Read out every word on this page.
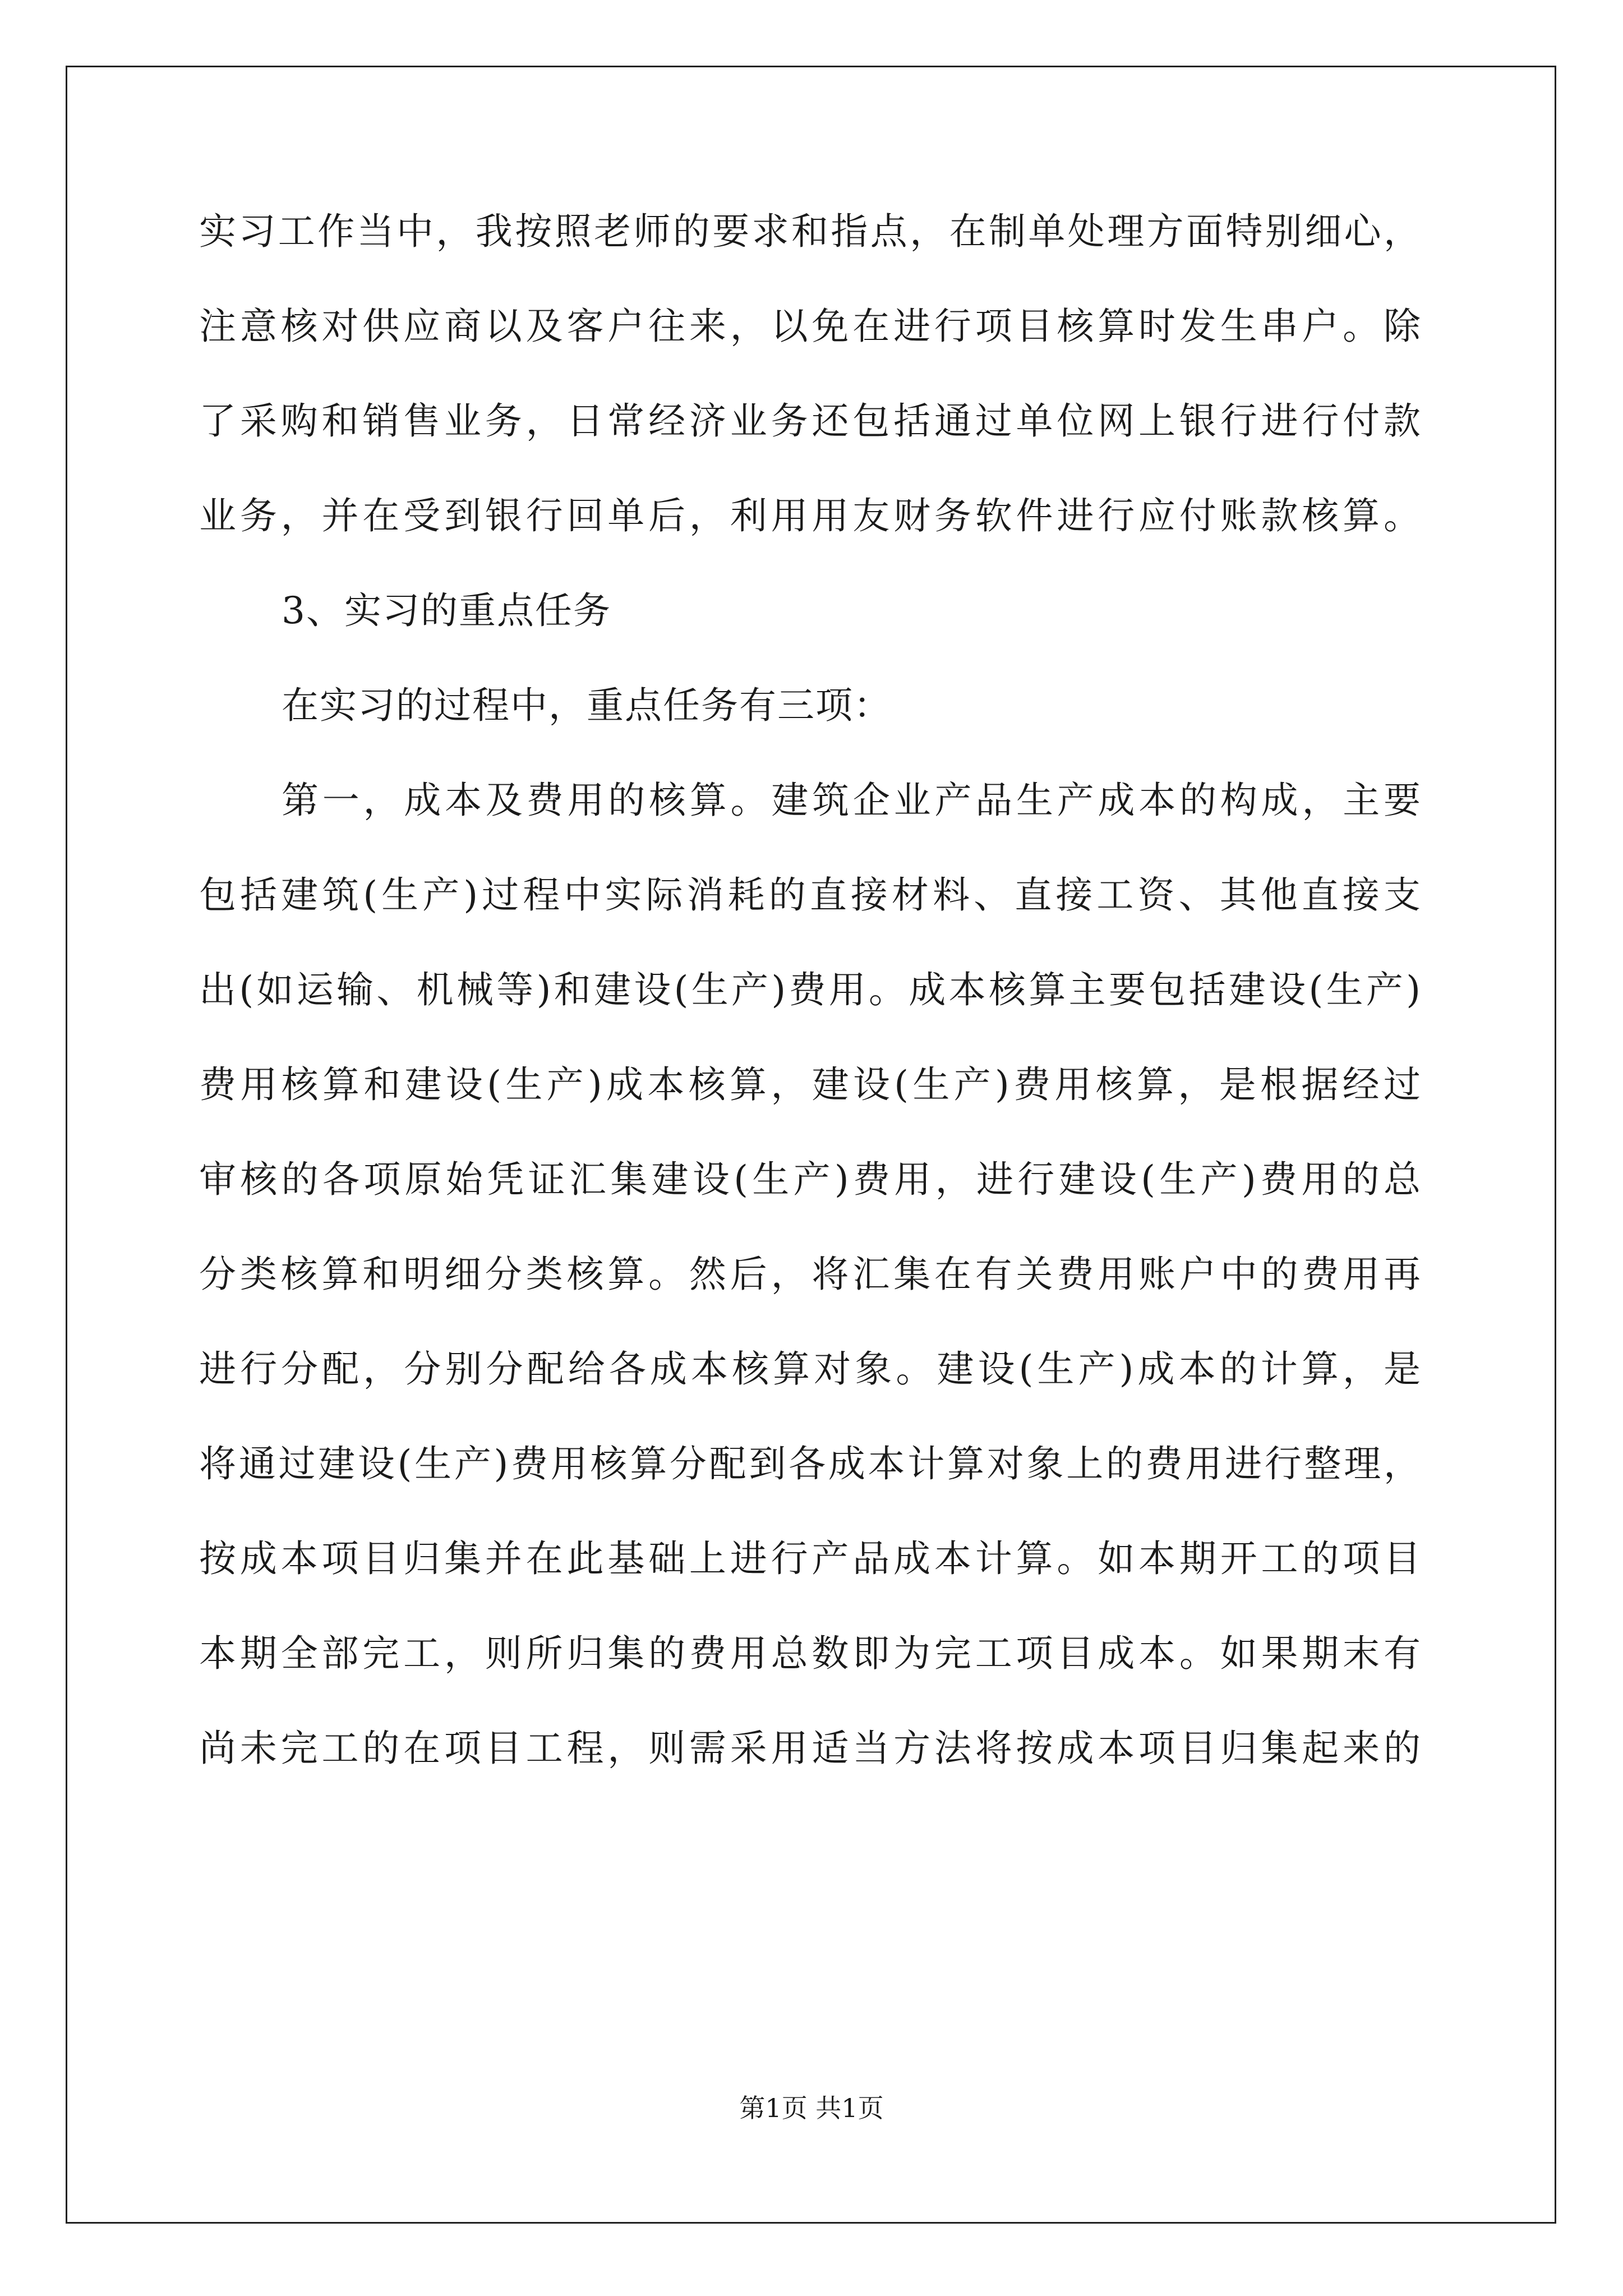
实习工作当中，我按照老师的要求和指点，在制单处理方面特别细心，
注意核对供应商以及客户往来，以免在进行项目核算时发生串户。除
了采购和销售业务，日常经济业务还包括通过单位网上银行进行付款
业务，并在受到银行回单后，利用用友财务软件进行应付账款核算。
3、实习的重点任务
在实习的过程中，重点任务有三项：
第一，成本及费用的核算。建筑企业产品生产成本的构成，主要
包括建筑(生产)过程中实际消耗的直接材料、直接工资、其他直接支
出(如运输、机械等)和建设(生产)费用。成本核算主要包括建设(生产)
费用核算和建设(生产)成本核算，建设(生产)费用核算，是根据经过
审核的各项原始凭证汇集建设(生产)费用，进行建设(生产)费用的总
分类核算和明细分类核算。然后，将汇集在有关费用账户中的费用再
进行分配，分别分配给各成本核算对象。建设(生产)成本的计算，是
将通过建设(生产)费用核算分配到各成本计算对象上的费用进行整理，
按成本项目归集并在此基础上进行产品成本计算。如本期开工的项目
本期全部完工，则所归集的费用总数即为完工项目成本。如果期末有
尚未完工的在项目工程，则需采用适当方法将按成本项目归集起来的
第1页 共1页
